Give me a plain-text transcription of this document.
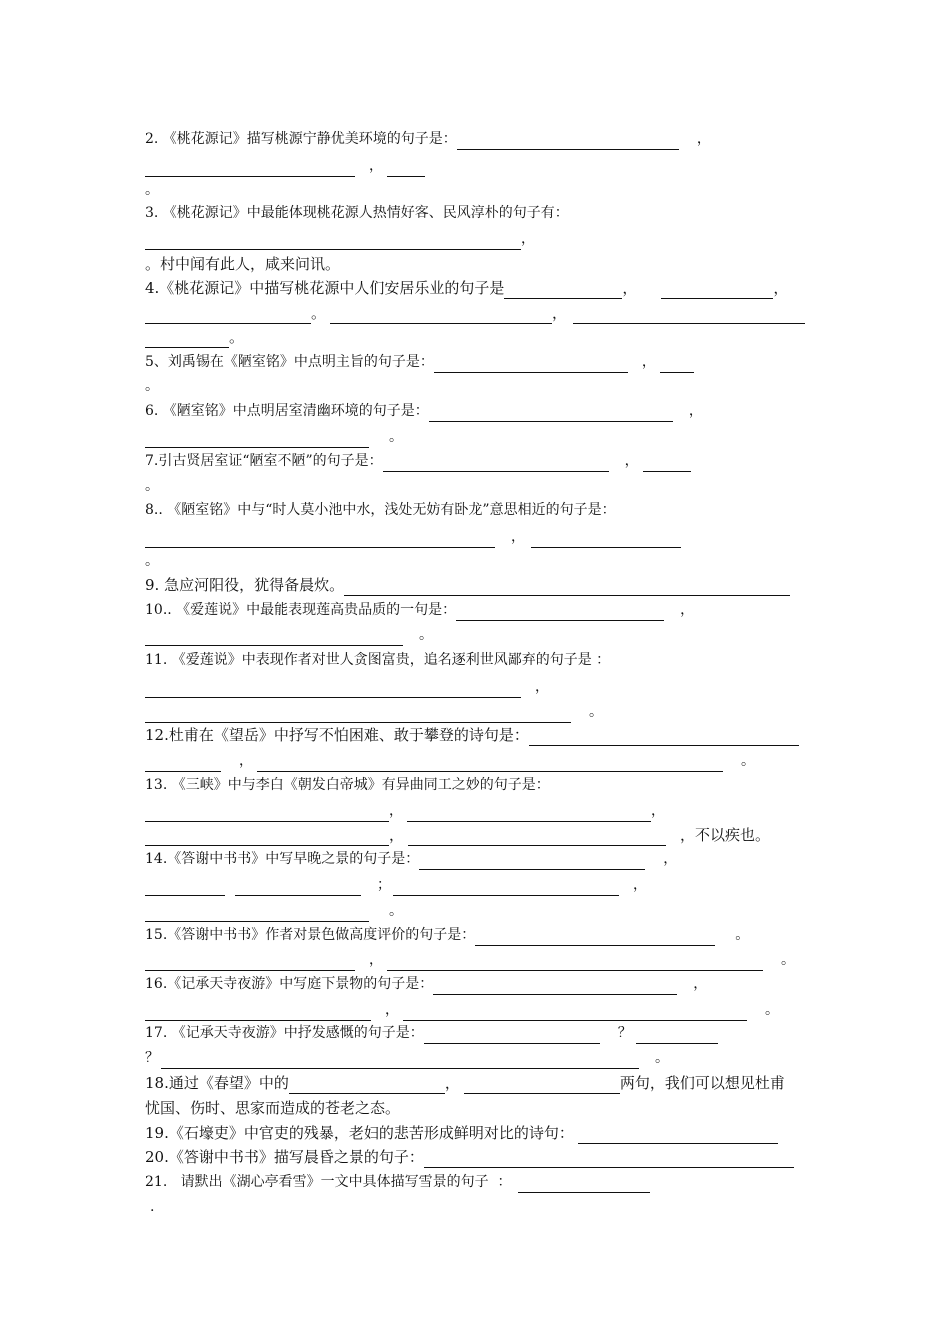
2. 《桃花源记》描写桃源宁静优美环境的句子是：	，
，
。
3. 《桃花源记》中最能体现桃花源人热情好客、民风淳朴的句子有：
，
。村中闻有此人，咸来问讯。
4.《桃花源记》中描写桃花源中人们安居乐业的句子是	，	，
。	，
。
5、刘禹锡在《陋室铭》中点明主旨的句子是：	，
。
6. 《陋室铭》中点明居室清幽环境的句子是：	，
。
7.引古贤居室证“陋室不陋”的句子是：	，
。
8.. 《陋室铭》中与“时人莫小池中水，浅处无妨有卧龙”意思相近的句子是：
，
。
9. 急应河阳役，犹得备晨炊。
10.. 《爱莲说》中最能表现莲高贵品质的一句是：	，
。
11. 《爱莲说》中表现作者对世人贪图富贵，追名逐利世风鄙弃的句子是 ：
，
。
12.杜甫在《望岳》中抒写不怕困难、敢于攀登的诗句是：
，	。
13. 《三峡》中与李白《朝发白帝城》有异曲同工之妙的句子是：
，	，
，	，不以疾也。
14.《答谢中书书》中写早晚之景的句子是：	，
；	，
。
15.《答谢中书书》作者对景色做高度评价的句子是：	。
，	。
16.《记承天寺夜游》中写庭下景物的句子是：	，
，	。
17. 《记承天寺夜游》中抒发感慨的句子是：	？
？	。
18.通过《春望》中的	，	两句，我们可以想见杜甫
忧国、伤时、思家而造成的苍老之态。
19.《石壕吏》中官吏的残暴，老妇的悲苦形成鲜明对比的诗句：
20.《答谢中书书》描写晨昏之景的句子：
21.   请默出《湖心亭看雪》一文中具体描写雪景的句子  ：
.
